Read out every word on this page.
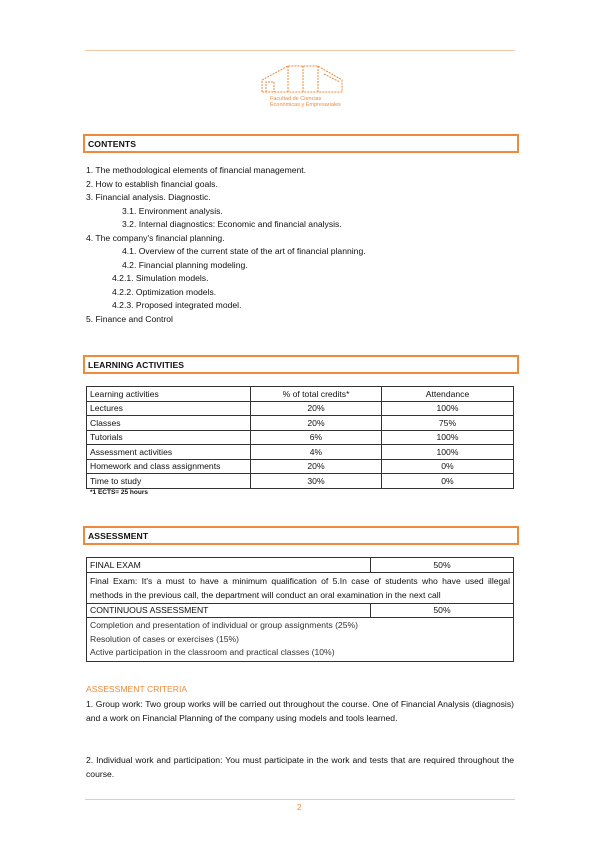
Facultad de Ciencias
Económicas y Empresariales
CONTENTS
1. The methodological elements of financial management.
2. How to establish financial goals.
3. Financial analysis. Diagnostic.
3.1. Environment analysis.
3.2. Internal diagnostics: Economic and financial analysis.
4. The company's financial planning.
4.1. Overview of the current state of the art of financial planning.
4.2. Financial planning modeling.
4.2.1. Simulation models.
4.2.2. Optimization models.
4.2.3. Proposed integrated model.
5. Finance and Control
LEARNING ACTIVITIES
Learning activities	% of total credits*	Attendance
Lectures	20%	100%
Classes	20%	75%
Tutorials	6%	100%
Assessment activities	4%	100%
Homework and class assignments	20%	0%
Time to study	30%	0%
*1 ECTS= 25 hours
ASSESSMENT
FINAL EXAM	50%
Final Exam: It's a must to have a minimum qualification of 5.In case of students who have used illegal methods in the previous call, the department will conduct an oral examination in the next call	
CONTINUOUS ASSESSMENT	50%

Completion and presentation of individual or group assignments (25%)
Resolution of cases or exercises (15%)
Active participation in the classroom and practical classes (10%)	
ASSESSMENT CRITERIA
1. Group work: Two group works will be carried out throughout the course. One of Financial Analysis (diagnosis) and a work on Financial Planning of the company using models and tools learned.
2. Individual work and participation: You must participate in the work and tests that are required throughout the course.
2
